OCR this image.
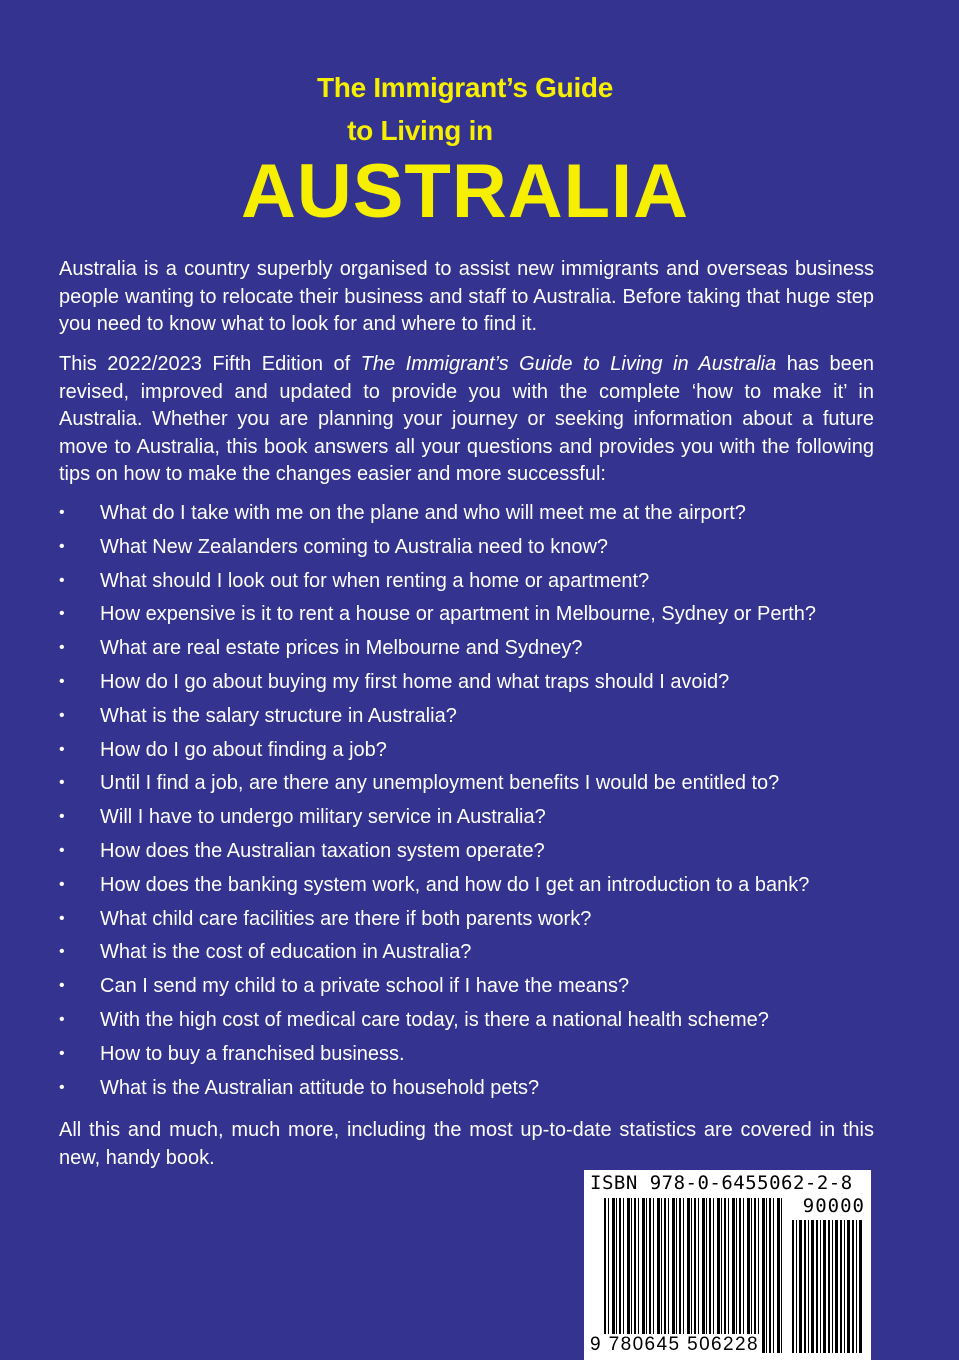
The Immigrant’s Guide
to Living in
AUSTRALIA

Australia is a country superbly organised to assist new immigrants and overseas business people wanting to relocate their business and staff to Australia. Before taking that huge step you need to know what to look for and where to find it.

This 2022/2023 Fifth Edition of The Immigrant’s Guide to Living in Australia has been revised, improved and updated to provide you with the complete ‘how to make it’ in Australia. Whether you are planning your journey or seeking information about a future move to Australia, this book answers all your questions and provides you with the following tips on how to make the changes easier and more successful:

• What do I take with me on the plane and who will meet me at the airport?
• What New Zealanders coming to Australia need to know?
• What should I look out for when renting a home or apartment?
• How expensive is it to rent a house or apartment in Melbourne, Sydney or Perth?
• What are real estate prices in Melbourne and Sydney?
• How do I go about buying my first home and what traps should I avoid?
• What is the salary structure in Australia?
• How do I go about finding a job?
• Until I find a job, are there any unemployment benefits I would be entitled to?
• Will I have to undergo military service in Australia?
• How does the Australian taxation system operate?
• How does the banking system work, and how do I get an introduction to a bank?
• What child care facilities are there if both parents work?
• What is the cost of education in Australia?
• Can I send my child to a private school if I have the means?
• With the high cost of medical care today, is there a national health scheme?
• How to buy a franchised business.
• What is the Australian attitude to household pets?

All this and much, much more, including the most up-to-date statistics are covered in this new, handy book.

ISBN 978-0-6455062-2-8
90000
9 780645 506228
